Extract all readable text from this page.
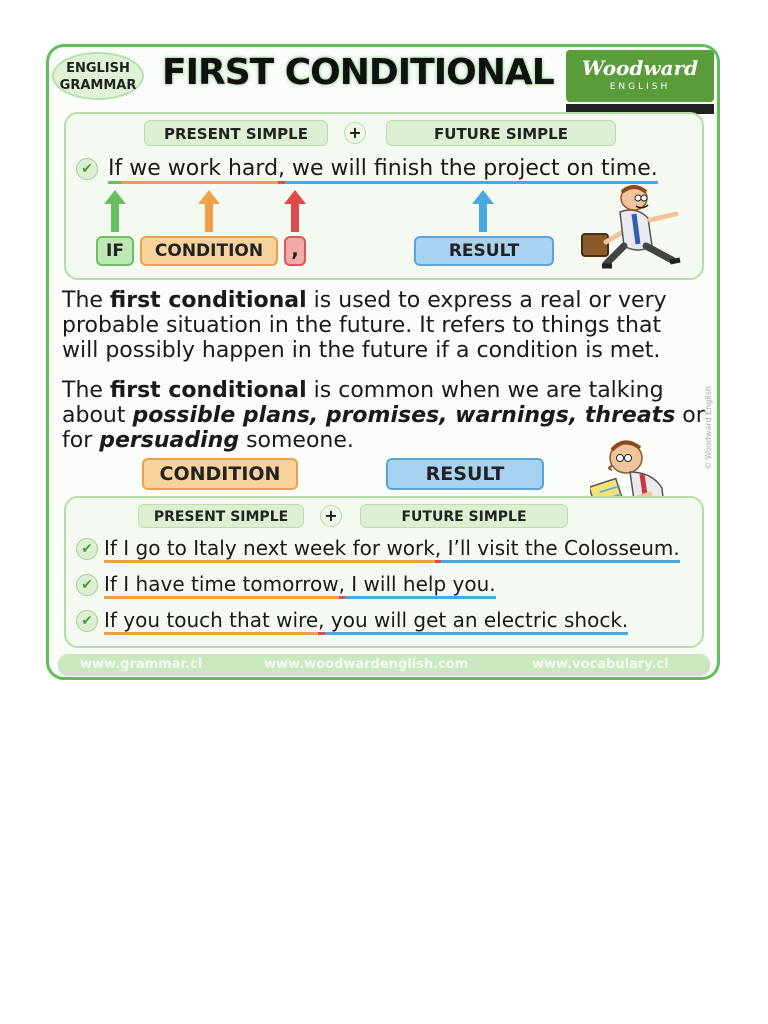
ENGLISH
GRAMMAR FIRST CONDITIONAL	Woodward
ENGLISH
PRESENT SIMPLE	+	FUTURE SIMPLE
✔ If we work hard, we will finish the project on time.
IF	CONDITION	,	RESULT
The first conditional is used to express a real or very
probable situation in the future. It refers to things that
will possibly happen in the future if a condition is met.
The first conditional is common when we are talking
about possible plans, promises, warnings, threats or
for persuading someone.	© Woodward English
CONDITION	RESULT
PRESENT SIMPLE	+	FUTURE SIMPLE
✔ If I go to Italy next week for work, I’ll visit the Colosseum.
✔ If I have time tomorrow, I will help you.
✔ If you touch that wire, you will get an electric shock.
www.grammar.cl	www.woodwardenglish.com	www.vocabulary.cl
